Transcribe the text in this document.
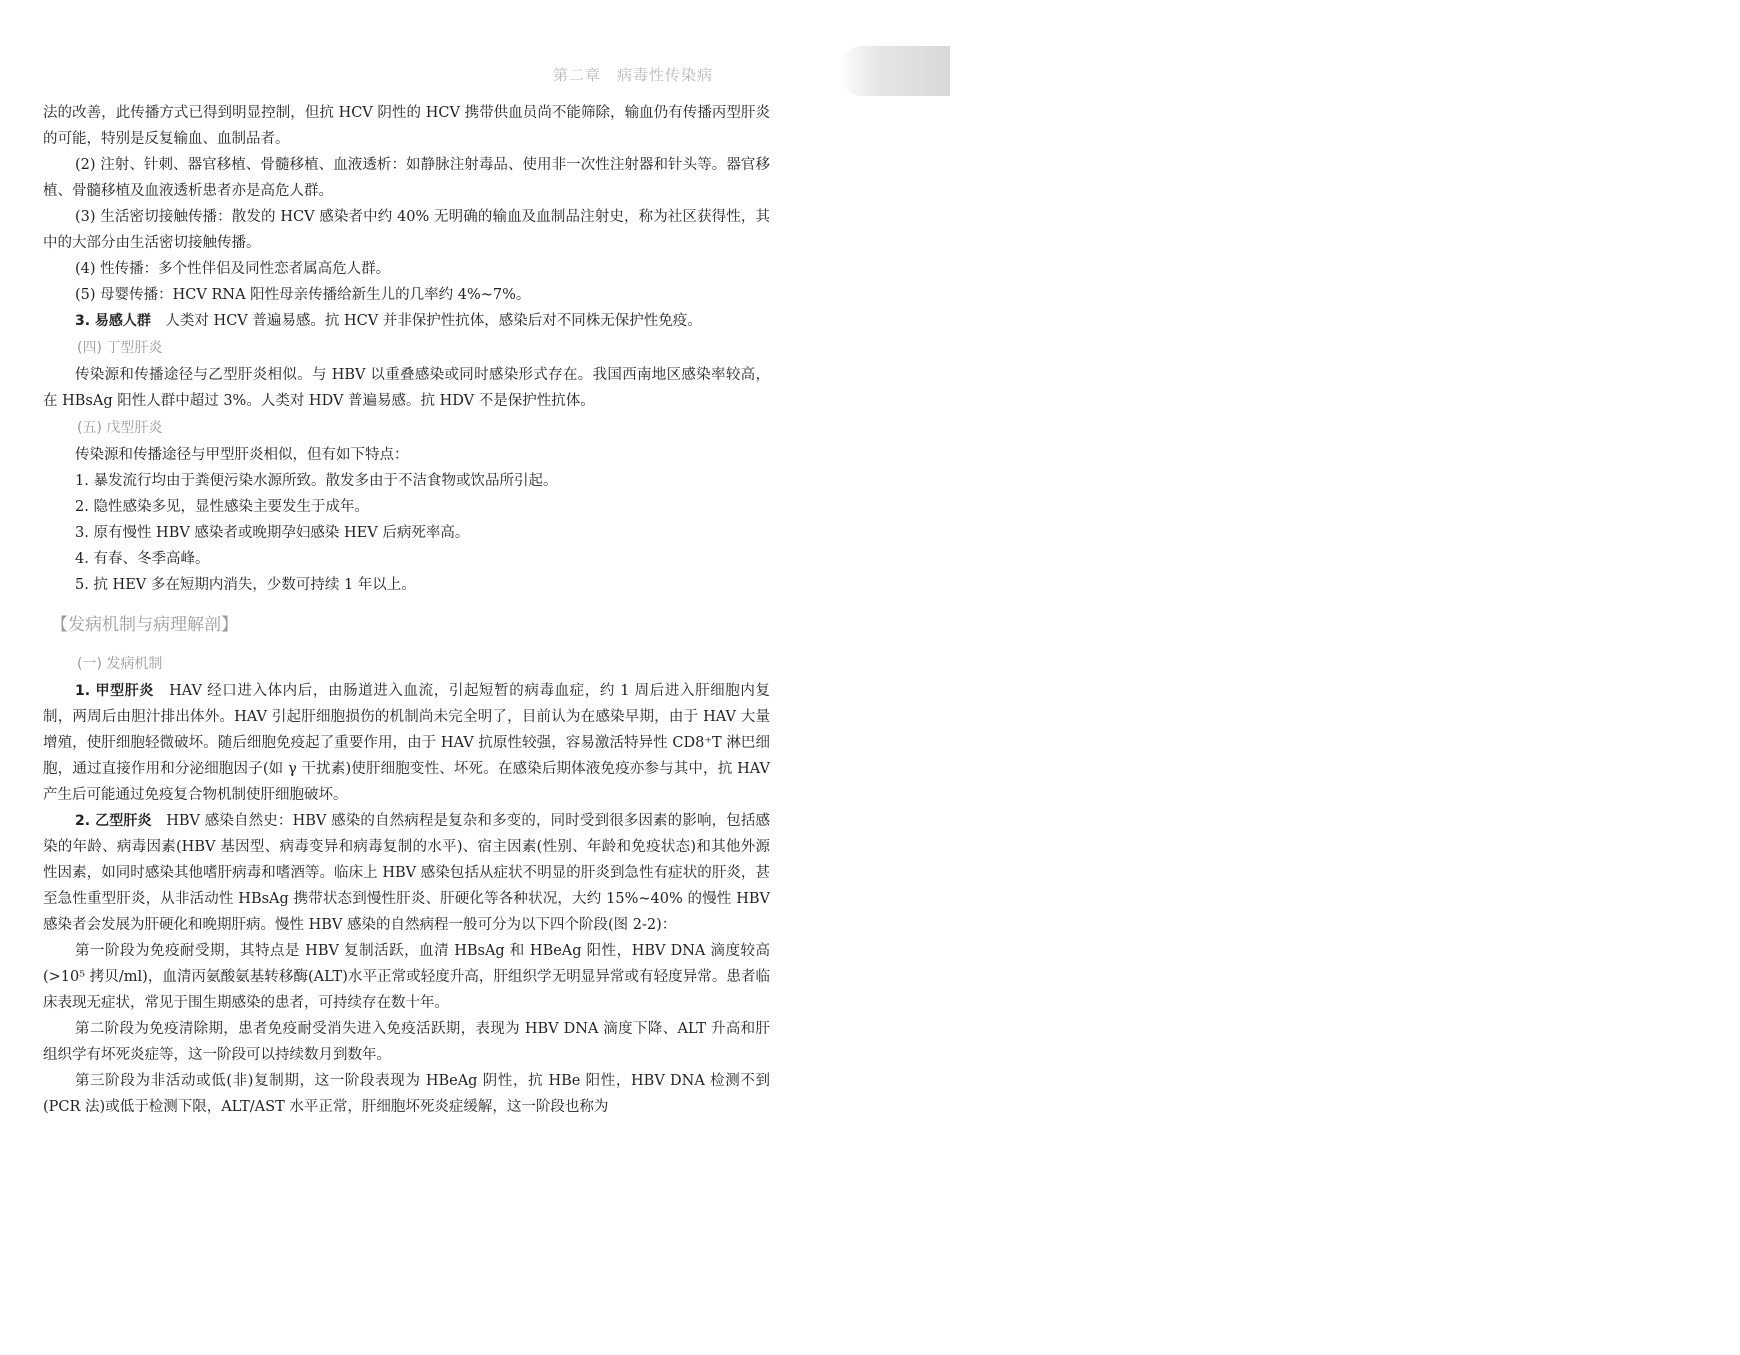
第二章　病毒性传染病
23

法的改善，此传播方式已得到明显控制，但抗 HCV 阴性的 HCV 携带供血员尚不能筛除，输血仍有传播丙型肝炎的可能，特别是反复输血、血制品者。

(2) 注射、针刺、器官移植、骨髓移植、血液透析：如静脉注射毒品、使用非一次性注射器和针头等。器官移植、骨髓移植及血液透析患者亦是高危人群。

(3) 生活密切接触传播：散发的 HCV 感染者中约 40% 无明确的输血及血制品注射史，称为社区获得性，其中的大部分由生活密切接触传播。

(4) 性传播：多个性伴侣及同性恋者属高危人群。

(5) 母婴传播：HCV RNA 阳性母亲传播给新生儿的几率约 4%~7%。

3. 易感人群　人类对 HCV 普遍易感。抗 HCV 并非保护性抗体，感染后对不同株无保护性免疫。

(四) 丁型肝炎

传染源和传播途径与乙型肝炎相似。与 HBV 以重叠感染或同时感染形式存在。我国西南地区感染率较高，在 HBsAg 阳性人群中超过 3%。人类对 HDV 普遍易感。抗 HDV 不是保护性抗体。

(五) 戊型肝炎

传染源和传播途径与甲型肝炎相似，但有如下特点：

1. 暴发流行均由于粪便污染水源所致。散发多由于不洁食物或饮品所引起。

2. 隐性感染多见，显性感染主要发生于成年。

3. 原有慢性 HBV 感染者或晚期孕妇感染 HEV 后病死率高。

4. 有春、冬季高峰。

5. 抗 HEV 多在短期内消失，少数可持续 1 年以上。

【发病机制与病理解剖】

(一) 发病机制

1. 甲型肝炎　HAV 经口进入体内后，由肠道进入血流，引起短暂的病毒血症，约 1 周后进入肝细胞内复制，两周后由胆汁排出体外。HAV 引起肝细胞损伤的机制尚未完全明了，目前认为在感染早期，由于 HAV 大量增殖，使肝细胞轻微破坏。随后细胞免疫起了重要作用，由于 HAV 抗原性较强，容易激活特异性 CD8⁺T 淋巴细胞，通过直接作用和分泌细胞因子(如 γ 干扰素)使肝细胞变性、坏死。在感染后期体液免疫亦参与其中，抗 HAV 产生后可能通过免疫复合物机制使肝细胞破坏。

2. 乙型肝炎　HBV 感染自然史：HBV 感染的自然病程是复杂和多变的，同时受到很多因素的影响，包括感染的年龄、病毒因素(HBV 基因型、病毒变异和病毒复制的水平)、宿主因素(性别、年龄和免疫状态)和其他外源性因素，如同时感染其他嗜肝病毒和嗜酒等。临床上 HBV 感染包括从症状不明显的肝炎到急性有症状的肝炎，甚至急性重型肝炎，从非活动性 HBsAg 携带状态到慢性肝炎、肝硬化等各种状况，大约 15%~40% 的慢性 HBV 感染者会发展为肝硬化和晚期肝病。慢性 HBV 感染的自然病程一般可分为以下四个阶段(图 2-2)：

第一阶段为免疫耐受期，其特点是 HBV 复制活跃，血清 HBsAg 和 HBeAg 阳性，HBV DNA 滴度较高(>10⁵ 拷贝/ml)，血清丙氨酸氨基转移酶(ALT)水平正常或轻度升高，肝组织学无明显异常或有轻度异常。患者临床表现无症状，常见于围生期感染的患者，可持续存在数十年。

第二阶段为免疫清除期，患者免疫耐受消失进入免疫活跃期，表现为 HBV DNA 滴度下降、ALT 升高和肝组织学有坏死炎症等，这一阶段可以持续数月到数年。

第三阶段为非活动或低(非)复制期，这一阶段表现为 HBeAg 阴性，抗 HBe 阳性，HBV DNA 检测不到(PCR 法)或低于检测下限，ALT/AST 水平正常，肝细胞坏死炎症缓解，这一阶段也称为
